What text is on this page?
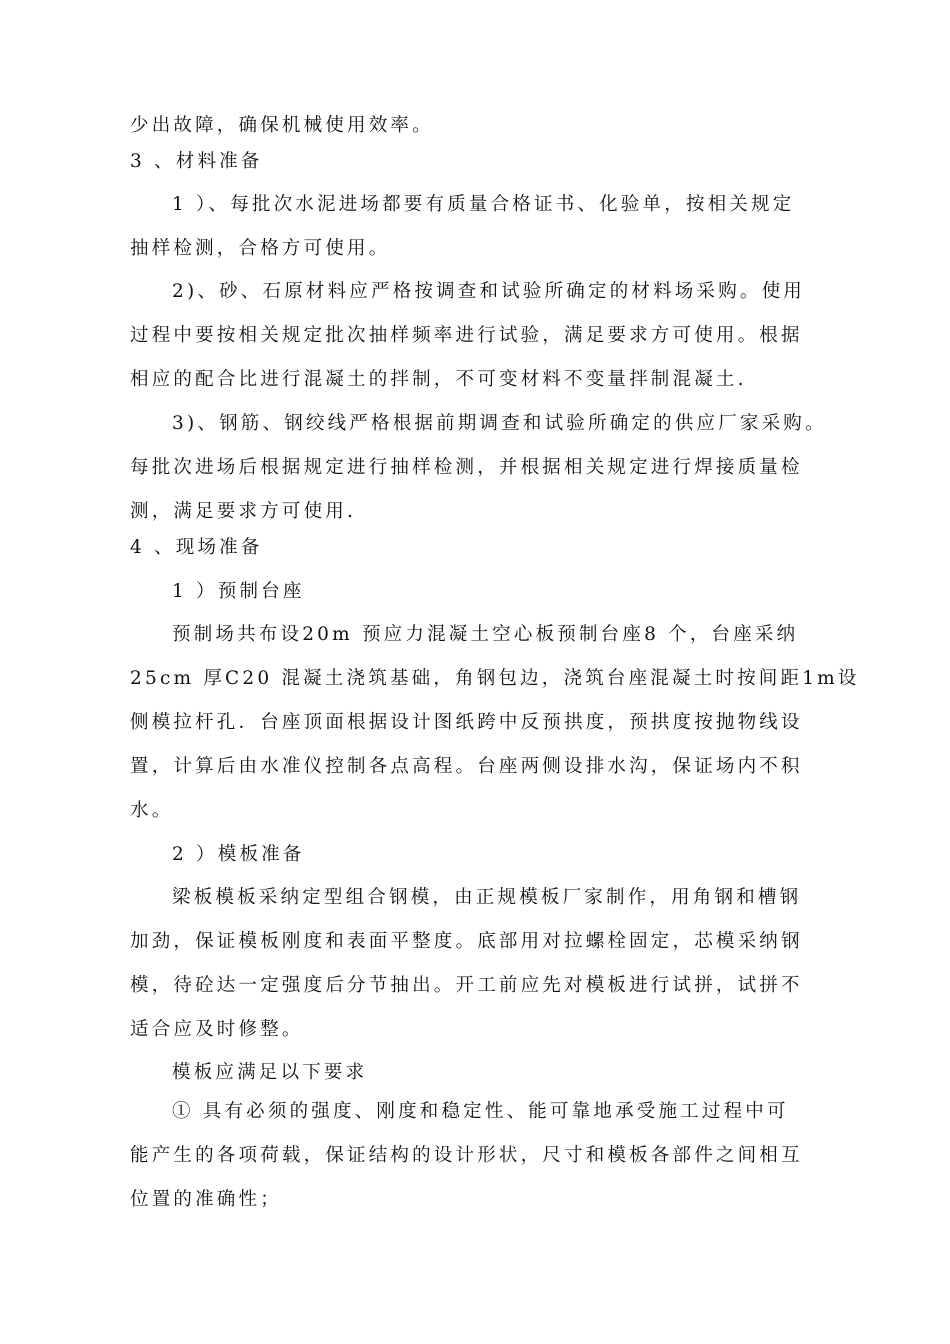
少出故障，确保机械使用效率。
3 、材料准备
1 ）、每批次水泥进场都要有质量合格证书、化验单，按相关规定
抽样检测，合格方可使用。
2)、砂、石原材料应严格按调查和试验所确定的材料场采购。使用
过程中要按相关规定批次抽样频率进行试验，满足要求方可使用。根据
相应的配合比进行混凝土的拌制，不可变材料不变量拌制混凝土.
3)、钢筋、钢绞线严格根据前期调查和试验所确定的供应厂家采购。
每批次进场后根据规定进行抽样检测，并根据相关规定进行焊接质量检
测，满足要求方可使用.
4 、现场准备
1 ）预制台座
预制场共布设20m 预应力混凝土空心板预制台座8 个，台座采纳
25cm 厚C20 混凝土浇筑基础，角钢包边，浇筑台座混凝土时按间距1m设
侧模拉杆孔．台座顶面根据设计图纸跨中反预拱度，预拱度按抛物线设
置，计算后由水准仪控制各点高程。台座两侧设排水沟，保证场内不积
水。
2 ）模板准备
梁板模板采纳定型组合钢模，由正规模板厂家制作，用角钢和槽钢
加劲，保证模板刚度和表面平整度。底部用对拉螺栓固定，芯模采纳钢
模，待砼达一定强度后分节抽出。开工前应先对模板进行试拼，试拼不
适合应及时修整。
模板应满足以下要求
① 具有必须的强度、刚度和稳定性、能可靠地承受施工过程中可
能产生的各项荷载，保证结构的设计形状，尺寸和模板各部件之间相互
位置的准确性；
